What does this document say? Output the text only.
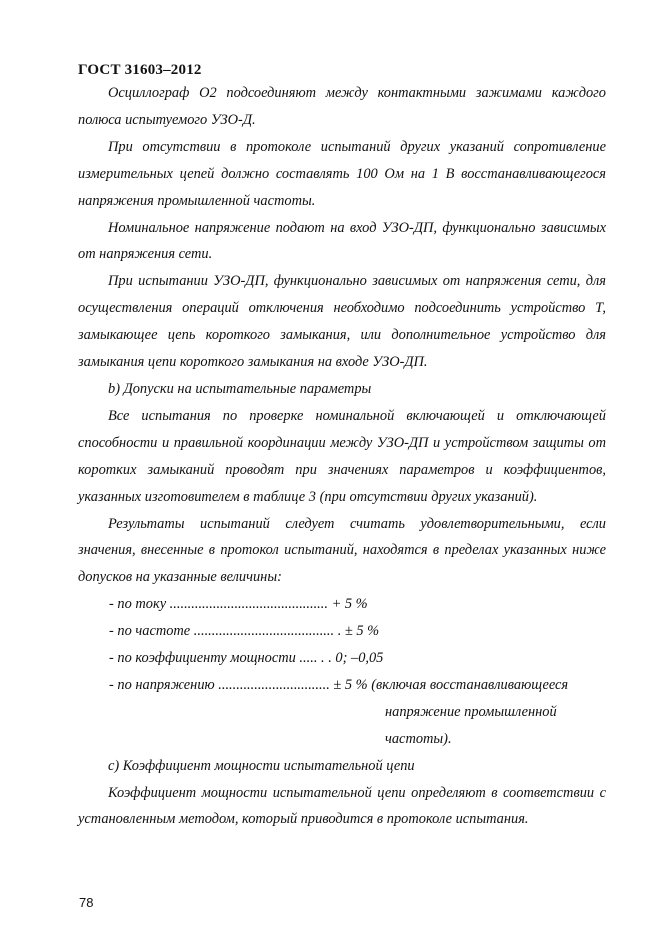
ГОСТ 31603–2012

Осциллограф О2 подсоединяют между контактными зажимами каждого полюса испытуемого УЗО-Д.

При отсутствии в протоколе испытаний других указаний сопротивление измерительных цепей должно составлять 100 Ом на 1 В восстанавливающегося напряжения промышленной частоты.

Номинальное напряжение подают на вход УЗО-ДП, функционально зависимых от напряжения сети.

При испытании УЗО-ДП, функционально зависимых от напряжения сети, для осуществления операций отключения необходимо подсоединить устройство Т, замыкающее цепь короткого замыкания, или дополнительное устройство для замыкания цепи короткого замыкания на входе УЗО-ДП.

b) Допуски на испытательные параметры

Все испытания по проверке номинальной включающей и отключающей способности и правильной координации между УЗО-ДП и устройством защиты от коротких замыканий проводят при значениях параметров и коэффициентов, указанных изготовителем в таблице 3 (при отсутствии других указаний).

Результаты испытаний следует считать удовлетворительными, если значения, внесенные в протокол испытаний, находятся в пределах указанных ниже допусков на указанные величины:

- по току ............................................ + 5 %

- по частоте ....................................... . ± 5 %

- по коэффициенту мощности ..... . . 0; –0,05

- по напряжению ............................... ± 5 % (включая восстанавливающееся

напряжение промышленной

частоты).

c) Коэффициент мощности испытательной цепи

Коэффициент мощности испытательной цепи определяют в соответствии с установленным методом, который приводится в протоколе испытания.

78
